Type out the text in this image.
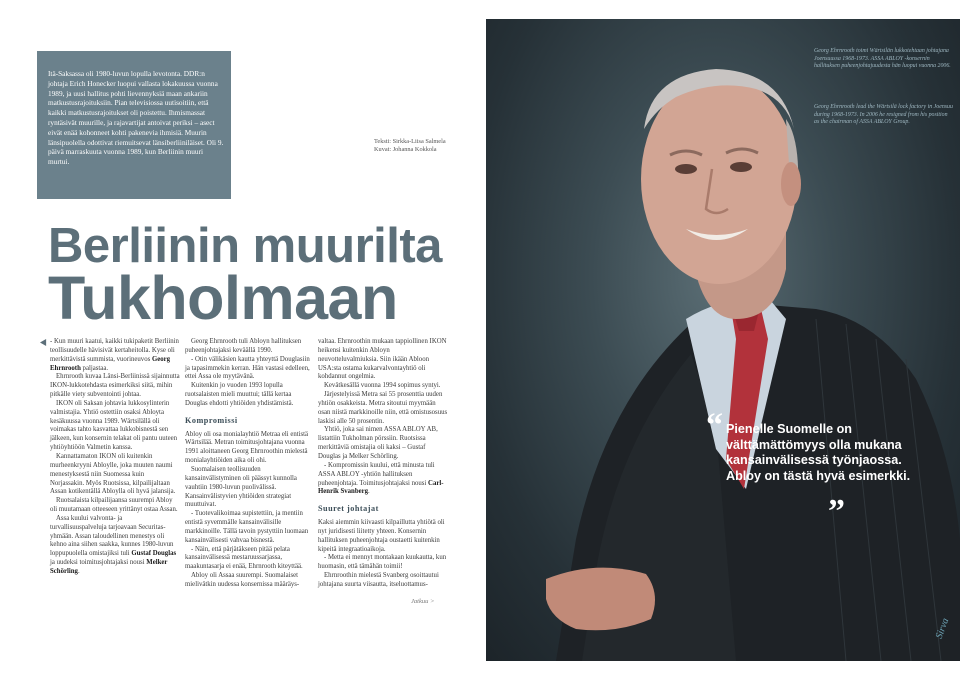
Itä-Saksassa oli 1980-luvun lopulla levotonta. DDR:n johtaja Erich Honecker luopui vallasta lokakuussa vuonna 1989, ja uusi hallitus pohti lievennyksiä maan ankariin matkustusrajoituksiin. Pian televisiossa uutisoitiin, että kaikki matkustusrajoitukset oli poistettu. Ihmismassat ryntäsivät muurille, ja rajavartijat antoivat periksi – asect eivät enää kohonneet kohti pakenevia ihmisiä. Muurin länsipuolella odottivat riemuitsevat länsiberliiniläiset. Oli 9. päivä marraskuuta vuonna 1989, kun Berliinin muuri murtui.

Teksti: Sirkka-Liisa Salmela
Kuvat: Johanna Kokkola
Berliinin muurilta
Tukholmaan

- Kun muuri kaatui, kaikki tukipaketit Berliinin teollisuudelle hävisivät kertaheitolla. Kyse oli merkittävistä summista, vuorineuvos Georg Ehrnrooth paljastaa.

Ehrnrooth kuvaa Länsi-Berliinissä sijainnutta IKON-lukkotehdasta esimerkiksi siitä, mihin pitkälle viety subventointi johtaa.

IKON oli Saksan johtavia lukkosylinterin valmistajia. Yhtiö ostettiin osaksi Abloyta kesäkuussa vuonna 1989. Wärtsilällä oli voimakas tahto kasvattaa lukkobisnestä sen jälkeen, kun konsernin telakat oli pantu uuteen yhtiöyhtiöön Valmetin kanssa.

Kannattamaton IKON oli kuitenkin murheenkryyni Abloylle, joka muuten naumi menestyksestä niin Suomessa kuin Norjassakin. Myös Ruotsissa, kilpailijaltaan Assan kotikentällä Abloylla oli hyvä jalansija.

Ruotsalaista kilpailijaansa suurempi Abloy oli muutamaan otteeseen yrittänyt ostaa Assan.

Assa kuului valvonta- ja turvallisuuspalveluja tarjoavaan Securitas-yhmään. Assan taloudellinen menestys oli kehno aina siihen saakka, kunnes 1980-luvun loppupuolella omistajiksi tuli Gustaf Douglas ja uudeksi toimitusjohtajaksi nousi Melker Schörling.

Georg Ehrnrooth tuli Abloyn hallituksen puheenjohtajaksi keväällä 1990.

- Otin välikäsien kautta yhteyttä Douglasiin ja tapasimmekin kerran. Hän vastasi edelleen, ettei Assa ole myytävänä.

Kuitenkin jo vuoden 1993 lopulla ruotsalaisten mieli muuttui; tällä kertaa Douglas ehdotti yhtiöiden yhdistämistä.

Kompromissi

Abloy oli osa monialayhtiö Metraa eli entistä Wärtsilää. Metran toimitusjohtajana vuonna 1991 aloittaneen Georg Ehrnroothin mielestä monialayhtiöiden aika oli ohi.

Suomalaisen teollisuuden kansainvälistyminen oli päässyt kunnolla vauhtiin 1980-luvun puolivälissä. Kansainvälistyvien yhtiöiden strategiat muuttuivat.

- Tuotevalikoimaa supistettiin, ja mentiin entistä syvemmälle kansainvälisille markkinoille. Tällä tavoin pystyttiin luomaan kansainvälisesti vahvaa bisnestä.

- Näin, että pärjätäkseen pitää pelata kansainvälisessä mestaruussarjassa, maakuntasarja ei enää, Ehrnrooth kiteyttää.

Abloy oli Assaa suurempi. Suomalaiset mielivätkin uudessa konsernissa määräys-

valtaa. Ehrnroothin mukaan tappiollinen IKON heikensi kuitenkin Abloyn neuvotteluvalmiuksia. Siin ikään Abloon USA:sta ostama kukarvalvontayhtiö oli kohdannut ongelmia.

Kevätkesällä vuonna 1994 sopimus syntyi.

Järjestelyissä Metra sai 55 prosenttia uuden yhtiön osakkeista. Metra sitoutui myymään osan niistä markkinoille niin, että omistusosuus laskisi alle 50 prosentin.

Yhtiö, joka sai nimen ASSA ABLOY AB, listattiin Tukholman pörssiin. Ruotsissa merkittäviä omistajia oli kaksi – Gustaf Douglas ja Melker Schörling.

- Kompromissin kuului, että minusta tuli ASSA ABLOY -yhtiön hallituksen puheenjohtaja. Toimitusjohtajaksi nousi Carl-Henrik Svanberg.

Suuret johtajat

Kaksi aiemmin kiivaasti kilpaillutta yhtiötä oli nyt juridisesti liitetty yhteen. Konsernin hallituksen puheenjohtaja oustaetti kuitenkin kipeitä integraatioaikoja.

- Metta ei mennyt montakaan kuukautta, kun huomasin, että tämähän toimii!

Ehrnroothin mielestä Svanberg osoittautui johtajana suurta viisautta, itseluottamus-

Jatkuu >

Georg Ehrnrooth toimi Wärtsilän lukkotehtaan johtajana Joensuussa 1968-1973. ASSA ABLOY -konsernin hallituksen puheenjohtajuudesta hän luopui vuonna 2006.

Georg Ehrnrooth lead the Wärtsilä lock factory in Joensuu during 1968-1973. In 2006 he resigned from his position as the chairman of ASSA ABLOY Group.

“ Pienelle Suomelle on välttämättömyys olla mukana kansainvälisessä työnjaossa. Abloy on tästä hyvä esimerkki.

”
Sirva
